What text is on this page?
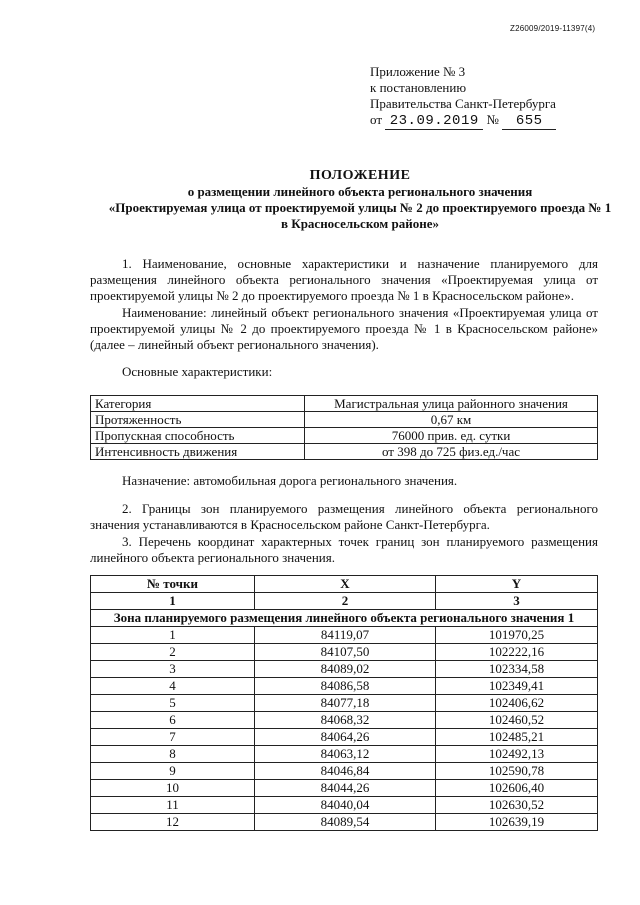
Z26009/2019-11397(4)
Приложение № 3
к постановлению
Правительства Санкт-Петербурга
от 23.09.2019 № 655
ПОЛОЖЕНИЕ
о размещении линейного объекта регионального значения
«Проектируемая улица от проектируемой улицы № 2 до проектируемого проезда № 1
в Красносельском районе»
1. Наименование, основные характеристики и назначение планируемого для размещения линейного объекта регионального значения «Проектируемая улица от проектируемой улицы № 2 до проектируемого проезда № 1 в Красносельском районе».
Наименование: линейный объект регионального значения «Проектируемая улица от проектируемой улицы № 2 до проектируемого проезда № 1 в Красносельском районе» (далее – линейный объект регионального значения).
Основные характеристики:
Категория	Магистральная улица районного значения
Протяженность	0,67 км
Пропускная способность	76000 прив. ед. сутки
Интенсивность движения	от 398 до 725 физ.ед./час
Назначение: автомобильная дорога регионального значения.
2. Границы зон планируемого размещения линейного объекта регионального значения устанавливаются в Красносельском районе Санкт-Петербурга.
3. Перечень координат характерных точек границ зон планируемого размещения линейного объекта регионального значения.
№ точки	X	Y
1	2	3
Зона планируемого размещения линейного объекта регионального значения 1		
1	84119,07	101970,25
2	84107,50	102222,16
3	84089,02	102334,58
4	84086,58	102349,41
5	84077,18	102406,62
6	84068,32	102460,52
7	84064,26	102485,21
8	84063,12	102492,13
9	84046,84	102590,78
10	84044,26	102606,40
11	84040,04	102630,52
12	84089,54	102639,19
